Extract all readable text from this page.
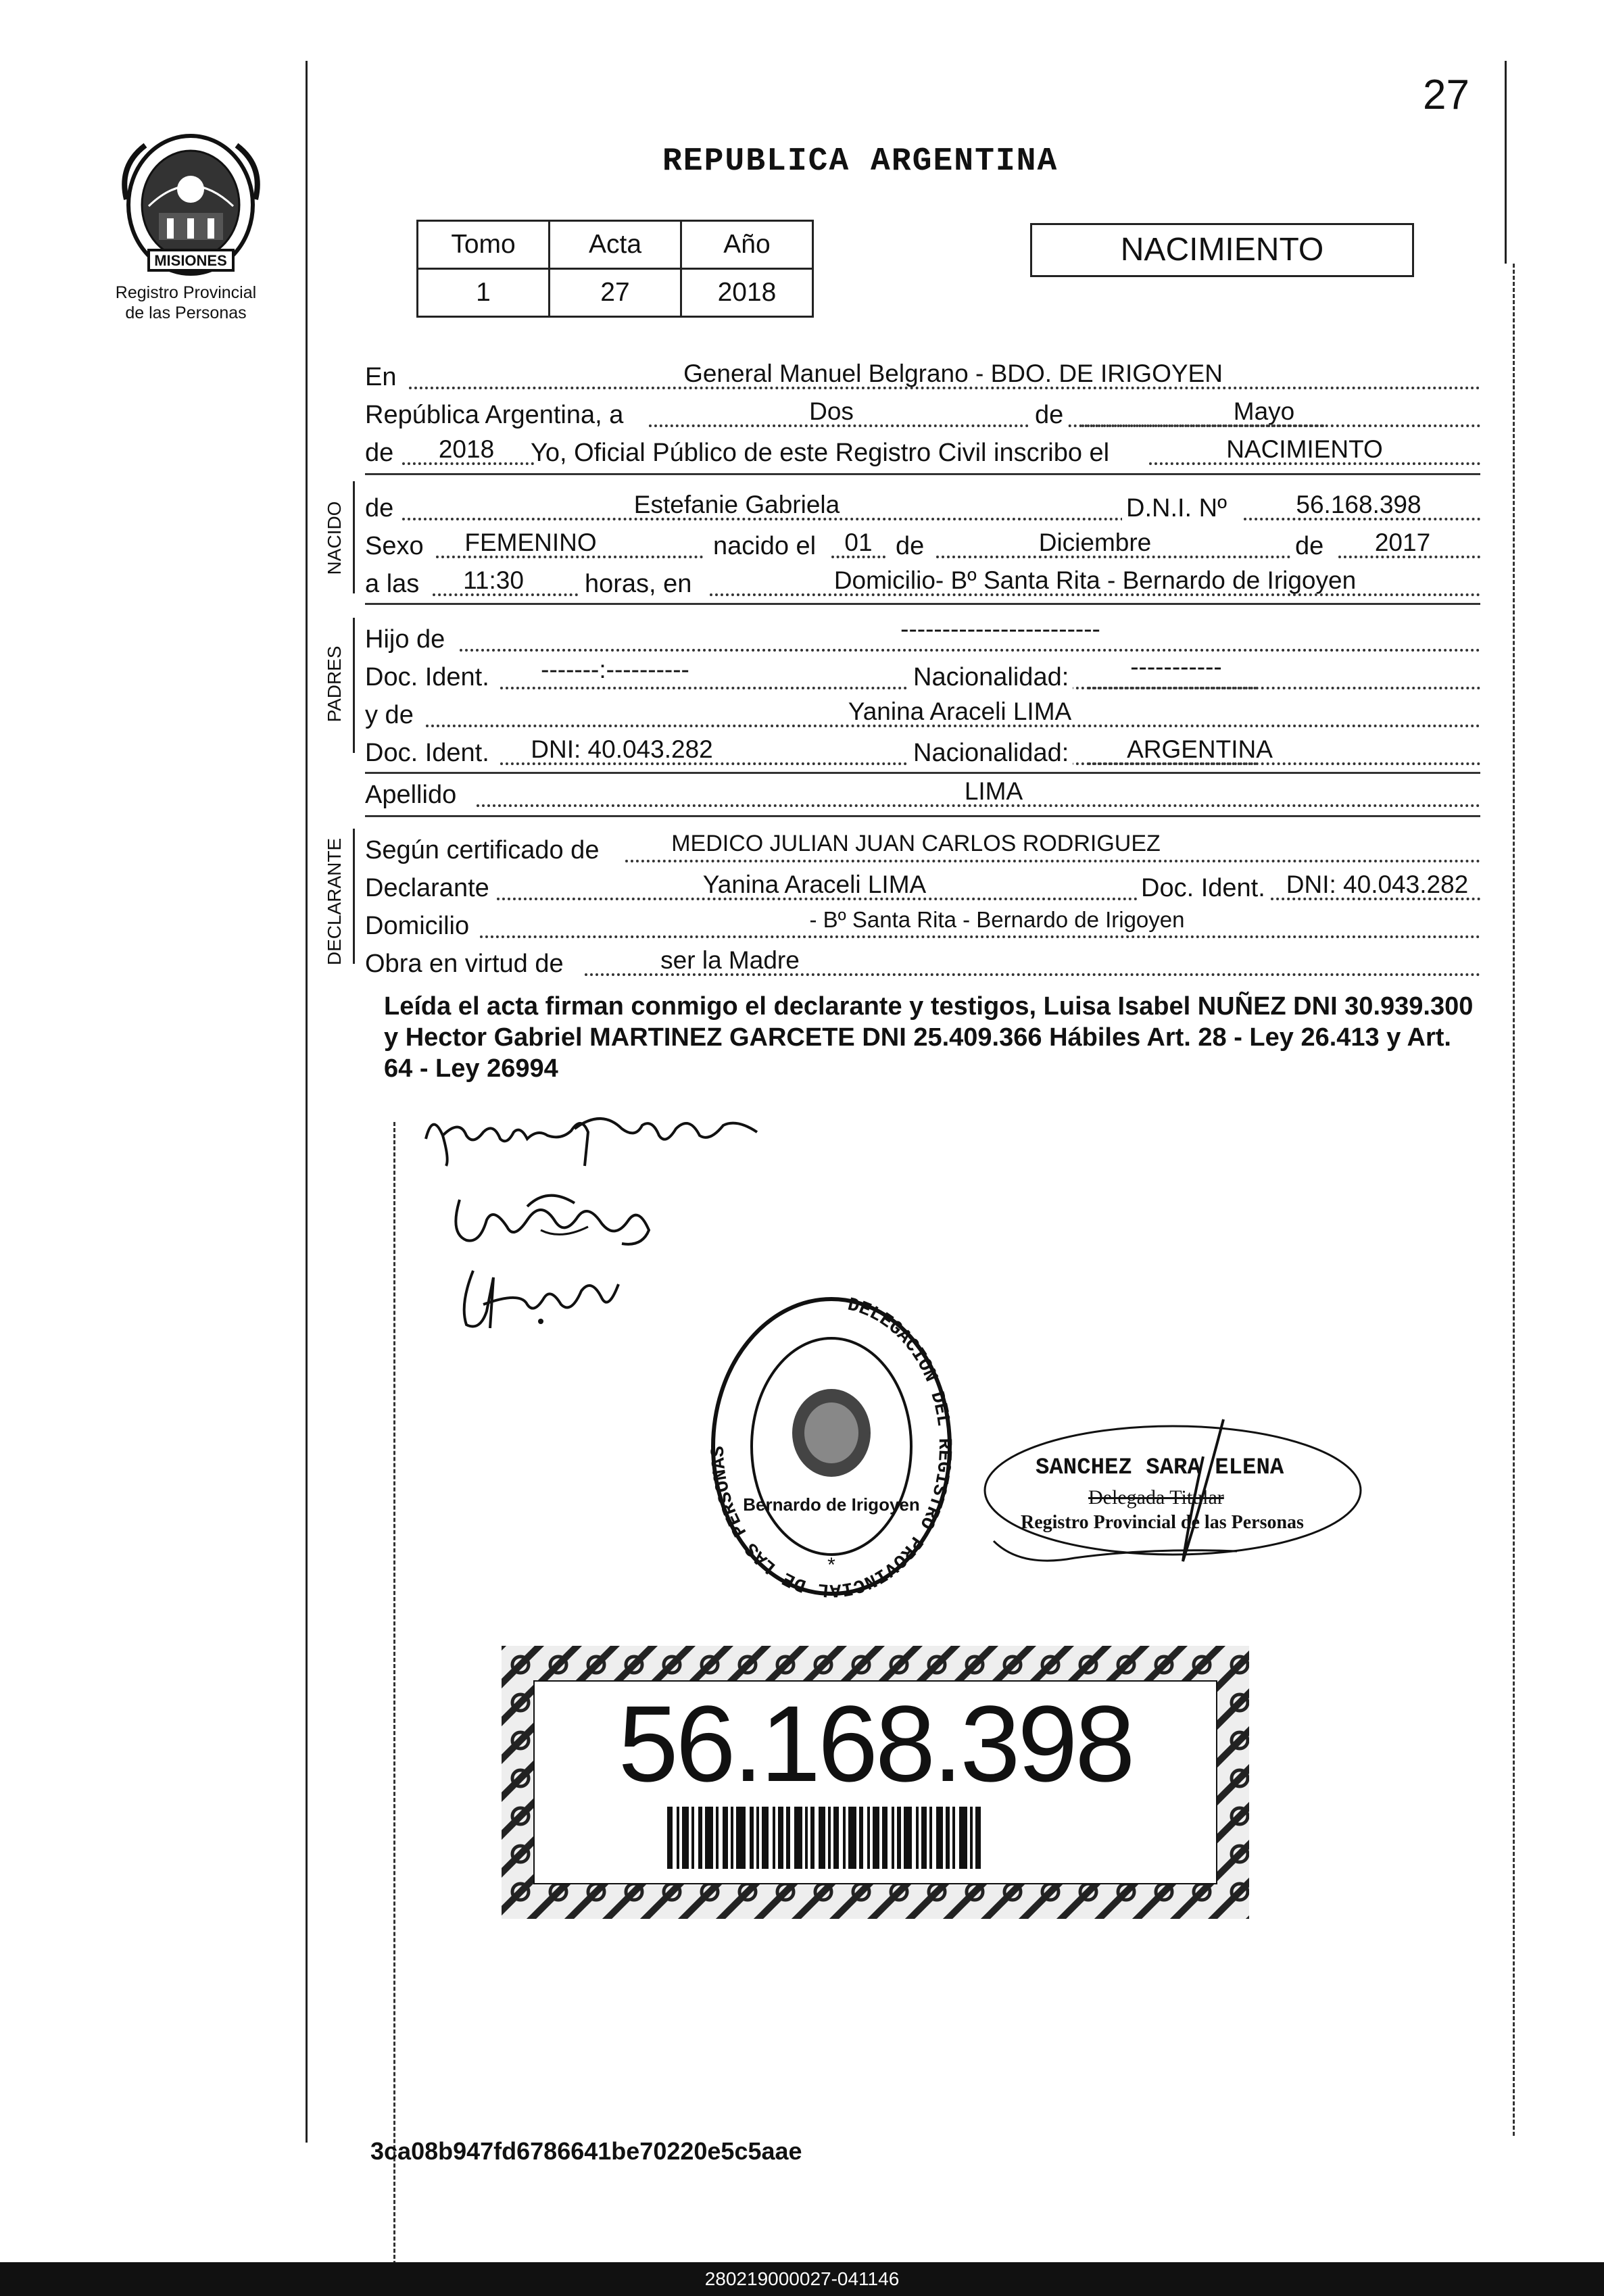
27
MISIONES
Registro Provincial
de las Personas
REPUBLICA ARGENTINA
Tomo	Acta	Año
1	27	2018
NACIMIENTO
En	General Manuel Belgrano - BDO. DE IRIGOYEN
República Argentina, a	Dos	de	Mayo
de	2018	Yo, Oficial Público de este Registro Civil inscribo el	NACIMIENTO
NACIDO de	Estefanie Gabriela	D.N.I. Nº	56.168.398
Sexo	FEMENINO	nacido el	01 de	Diciembre	de	2017
a las	11:30	horas, en	Domicilio- Bº Santa Rita - Bernardo de Irigoyen
PADRES
Hijo de	------------------------
Doc. Ident.	-------:----------	Nacionalidad:	-----------
y de	Yanina Araceli LIMA
Doc. Ident.	DNI: 40.043.282	Nacionalidad:	ARGENTINA
Apellido	LIMA
DECLARANTE Según certificado de	MEDICO JULIAN JUAN CARLOS RODRIGUEZ
Declarante	Yanina Araceli LIMA	Doc. Ident. DNI: 40.043.282
Domicilio	- Bº Santa Rita - Bernardo de Irigoyen
Obra en virtud de	ser la Madre
Leída el acta firman conmigo el declarante y testigos, Luisa Isabel NUÑEZ DNI 30.939.300 y Hector Gabriel MARTINEZ GARCETE DNI 25.409.366 Hábiles Art. 28 - Ley 26.413 y Art. 64 - Ley 26994
DELEGACION DEL REGISTRO PROVINCIAL DE LAS PERSONAS
Bernardo de Irigoyen
*
SANCHEZ SARA ELENA
Delegada Titular
Registro Provincial de las Personas
56.168.398
3ca08b947fd6786641be70220e5c5aae
280219000027-041146
